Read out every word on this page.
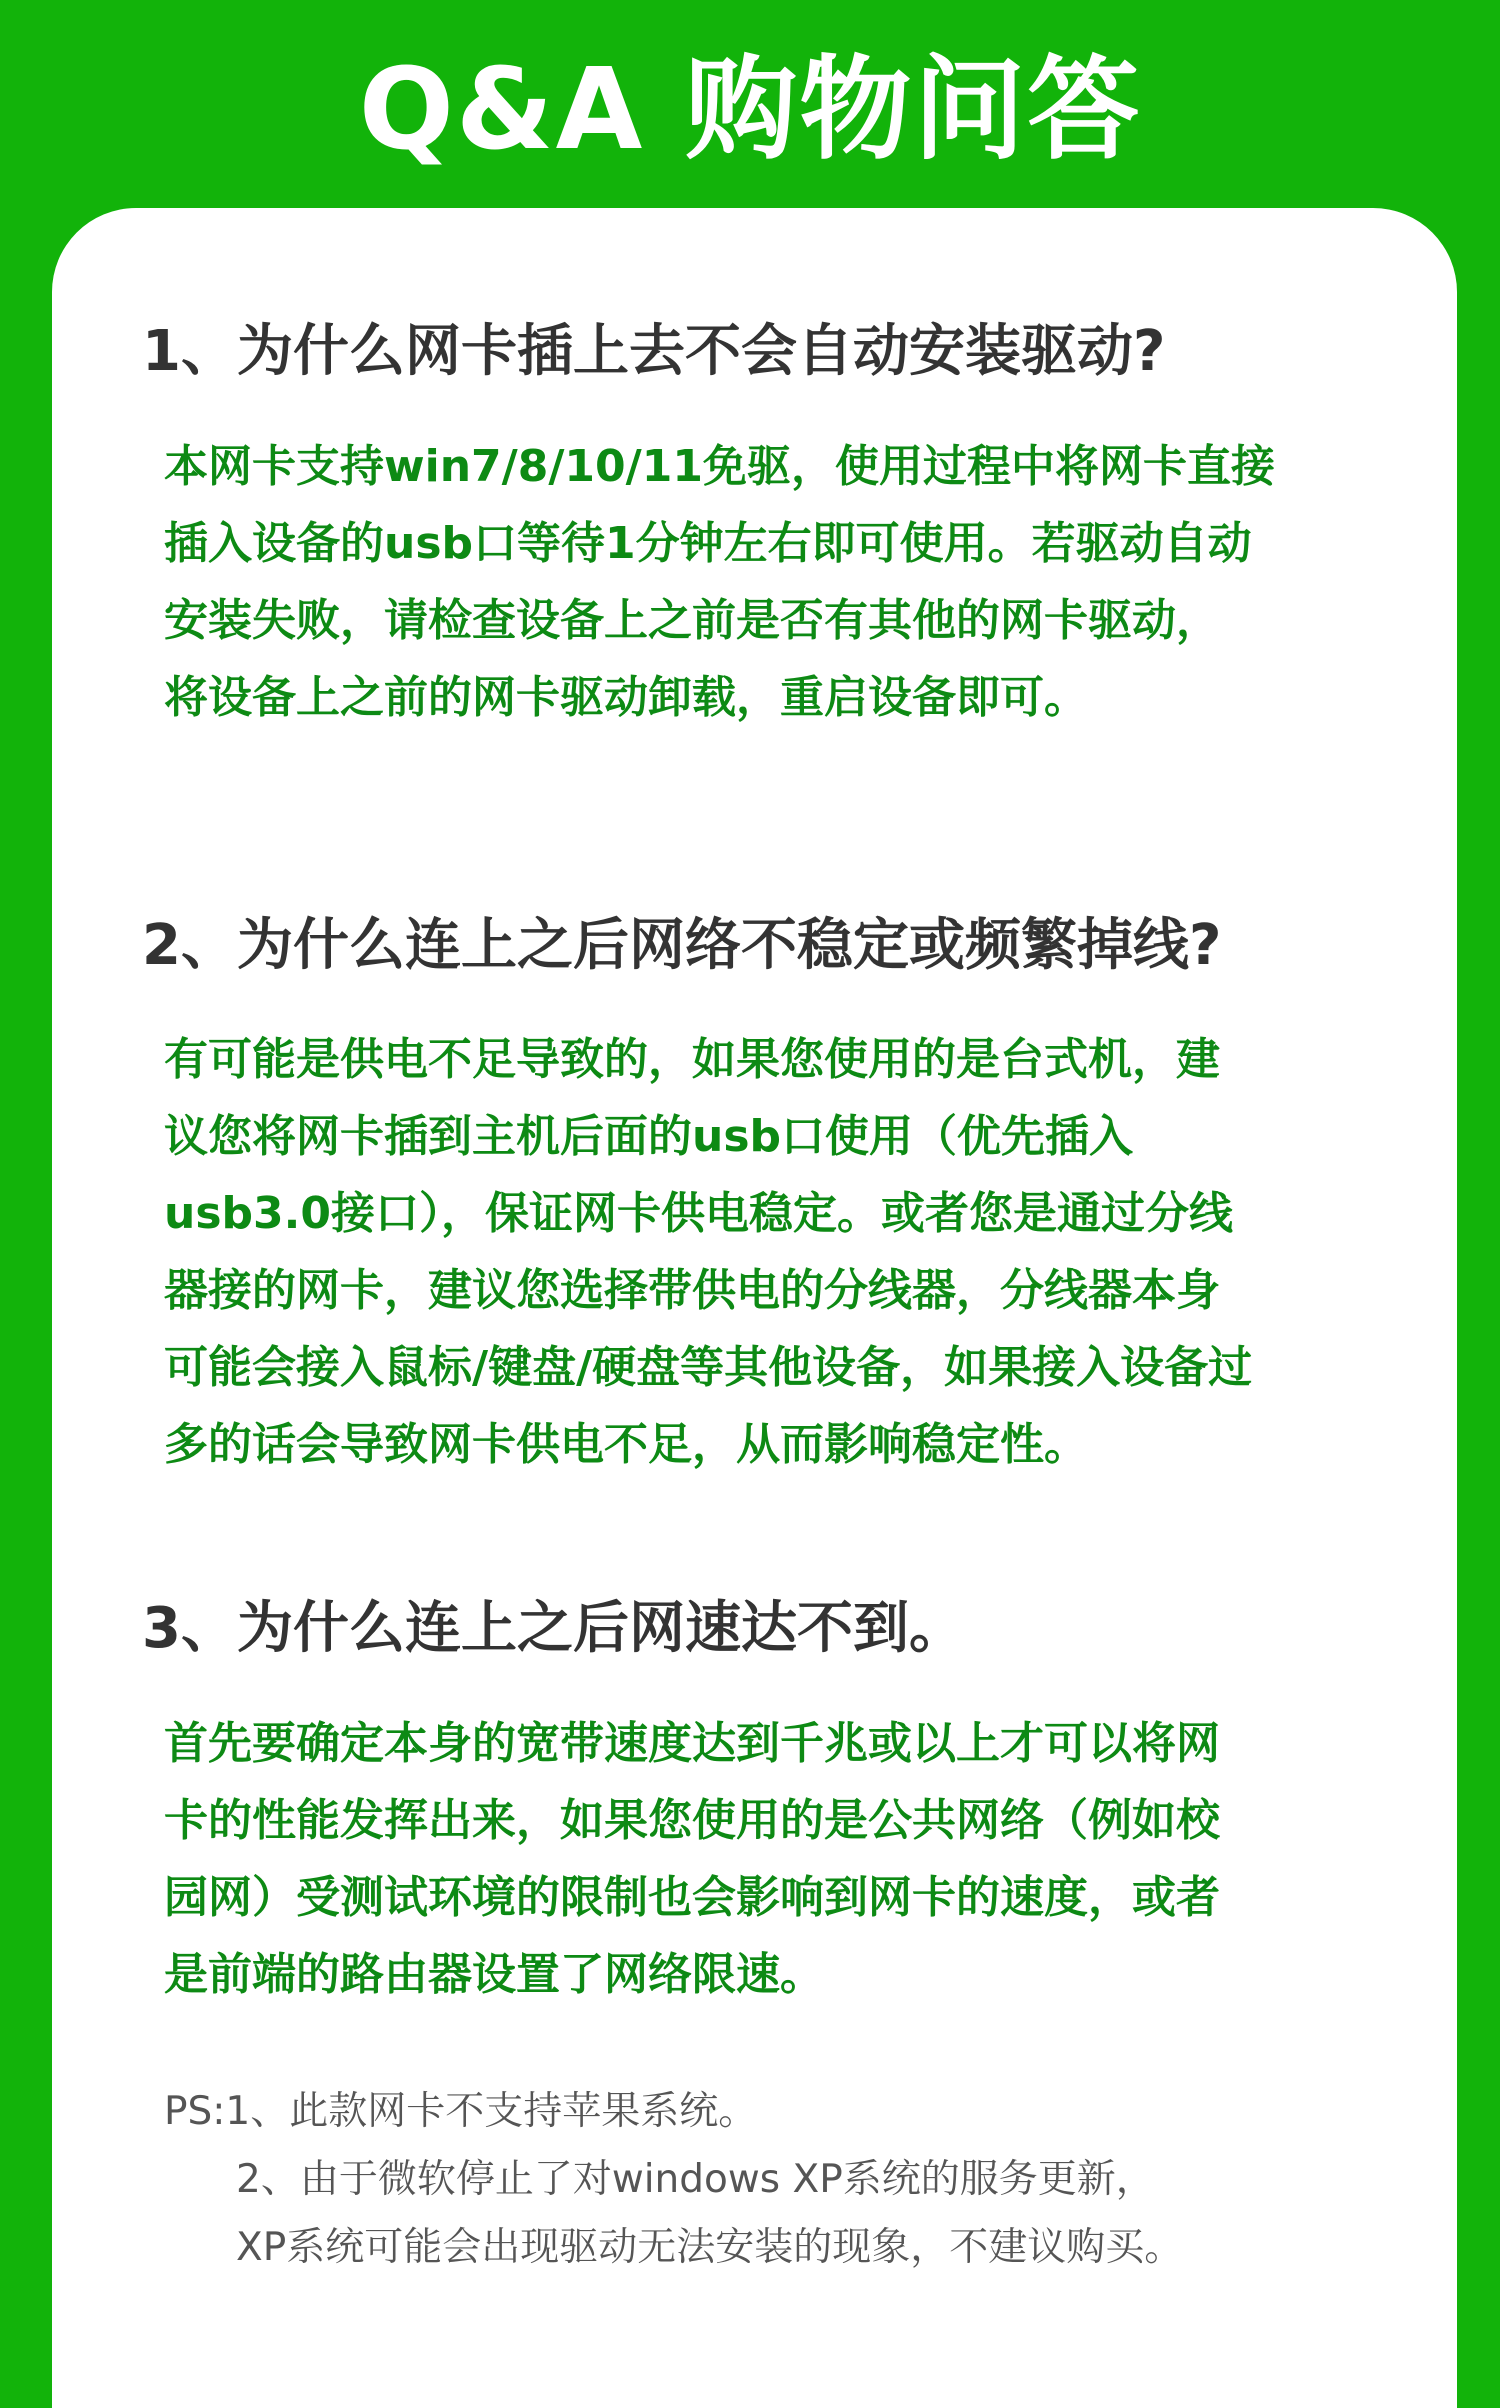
Q&A 购物问答
1、为什么网卡插上去不会自动安装驱动?
本网卡支持win7/8/10/11免驱，使用过程中将网卡直接
插入设备的usb口等待1分钟左右即可使用。若驱动自动
安装失败，请检查设备上之前是否有其他的网卡驱动，
将设备上之前的网卡驱动卸载，重启设备即可。
2、为什么连上之后网络不稳定或频繁掉线?
有可能是供电不足导致的，如果您使用的是台式机，建
议您将网卡插到主机后面的usb口使用（优先插入
usb3.0接口），保证网卡供电稳定。或者您是通过分线
器接的网卡，建议您选择带供电的分线器，分线器本身
可能会接入鼠标/键盘/硬盘等其他设备，如果接入设备过
多的话会导致网卡供电不足，从而影响稳定性。
3、为什么连上之后网速达不到。
首先要确定本身的宽带速度达到千兆或以上才可以将网
卡的性能发挥出来，如果您使用的是公共网络（例如校
园网）受测试环境的限制也会影响到网卡的速度，或者
是前端的路由器设置了网络限速。
PS:1、此款网卡不支持苹果系统。
2、由于微软停止了对windows XP系统的服务更新，
XP系统可能会出现驱动无法安装的现象，不建议购买。
